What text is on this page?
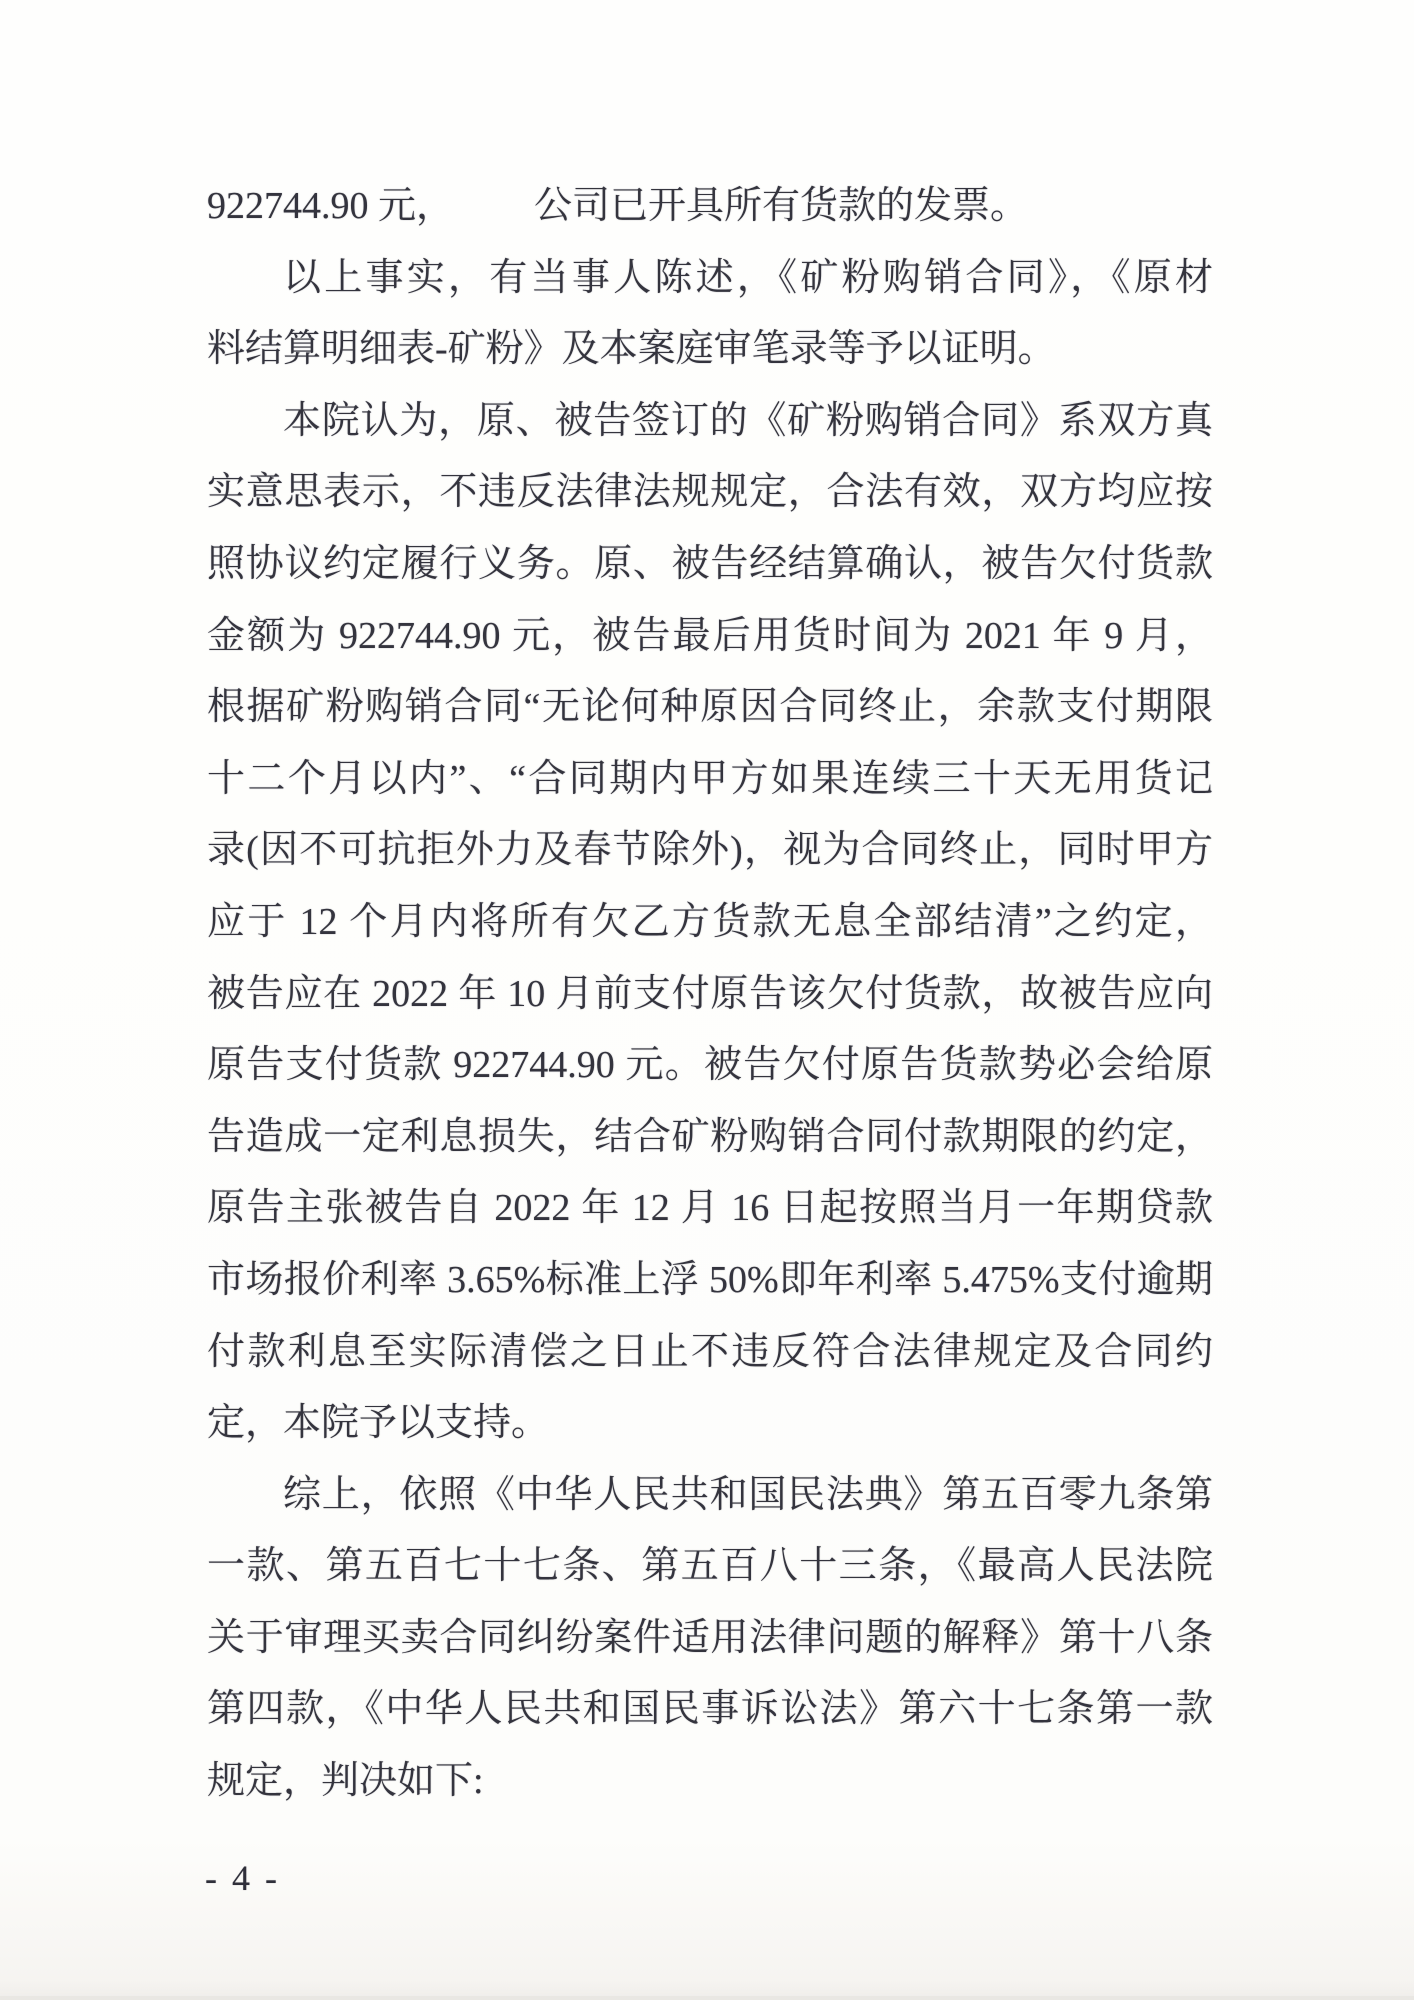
922744.90 元， 公司已开具所有货款的发票。
以上事实，有当事人陈述，《矿粉购销合同》，《原材
料结算明细表-矿粉》及本案庭审笔录等予以证明。
本院认为，原、被告签订的《矿粉购销合同》系双方真
实意思表示，不违反法律法规规定，合法有效，双方均应按
照协议约定履行义务。原、被告经结算确认，被告欠付货款
金额为 922744.90 元，被告最后用货时间为 2021 年 9 月，
根据矿粉购销合同“无论何种原因合同终止，余款支付期限
十二个月以内”、“合同期内甲方如果连续三十天无用货记
录(因不可抗拒外力及春节除外)，视为合同终止，同时甲方
应于 12 个月内将所有欠乙方货款无息全部结清”之约定，
被告应在 2022 年 10 月前支付原告该欠付货款，故被告应向
原告支付货款 922744.90 元。被告欠付原告货款势必会给原
告造成一定利息损失，结合矿粉购销合同付款期限的约定，
原告主张被告自 2022 年 12 月 16 日起按照当月一年期贷款
市场报价利率 3.65%标准上浮 50%即年利率 5.475%支付逾期
付款利息至实际清偿之日止不违反符合法律规定及合同约
定，本院予以支持。
综上，依照《中华人民共和国民法典》第五百零九条第
一款、第五百七十七条、第五百八十三条，《最高人民法院
关于审理买卖合同纠纷案件适用法律问题的解释》第十八条
第四款，《中华人民共和国民事诉讼法》第六十七条第一款
规定，判决如下:
- 4 -
